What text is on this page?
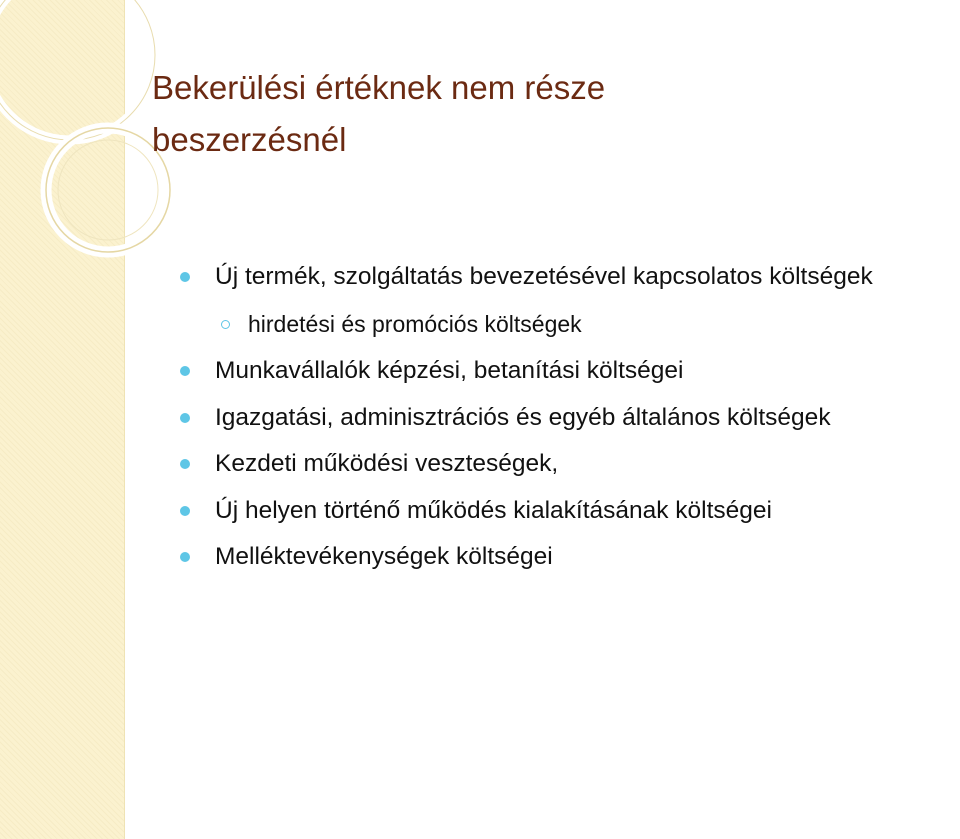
Bekerülési értéknek nem része
beszerzésnél
Új termék, szolgáltatás bevezetésével kapcsolatos költségek
hirdetési és promóciós költségek
Munkavállalók képzési, betanítási költségei
Igazgatási, adminisztrációs és egyéb általános költségek
Kezdeti működési veszteségek,
Új helyen történő működés kialakításának költségei
Melléktevékenységek költségei
